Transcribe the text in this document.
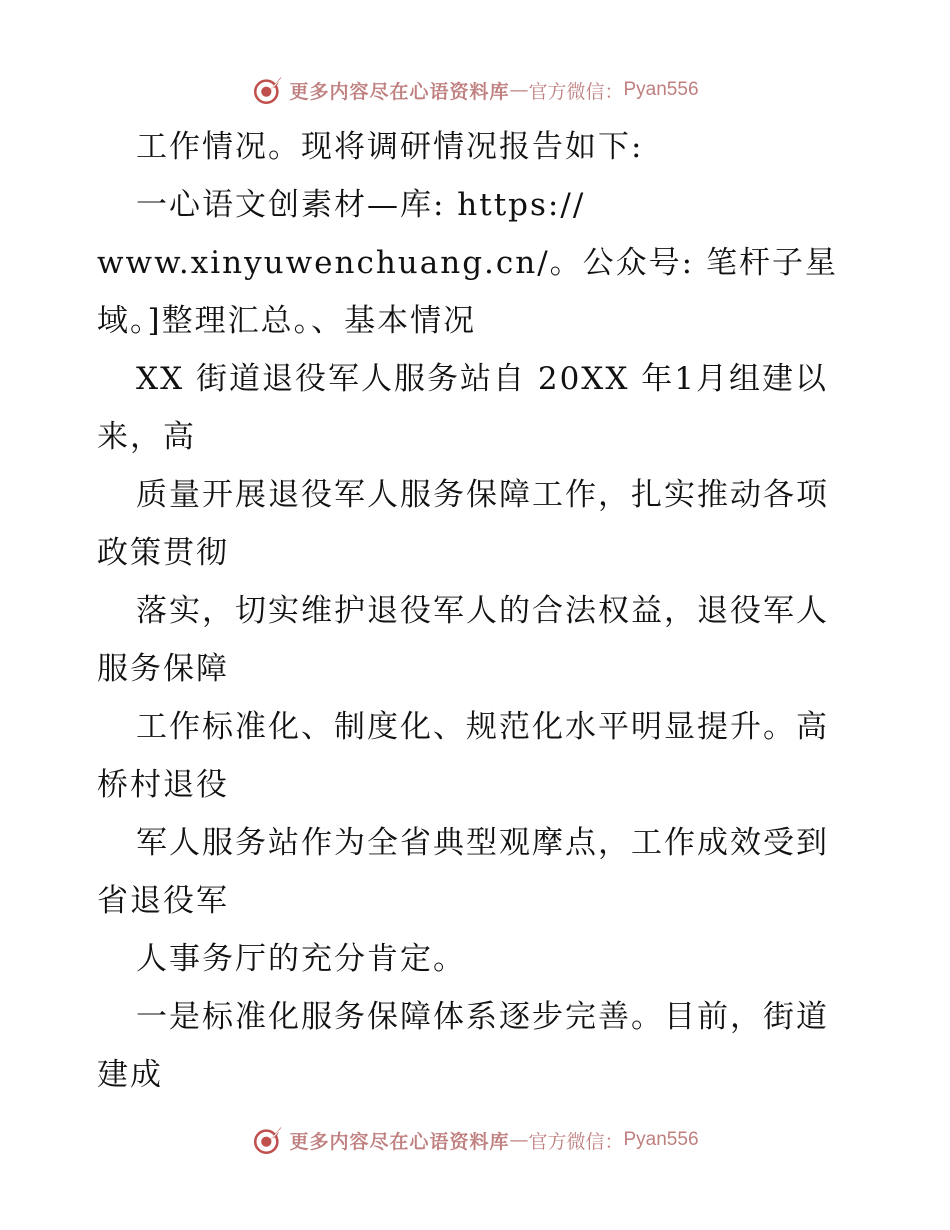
更多内容尽在心语资料库 — 官方微信： Pyan556
工作情况。现将调研情况报告如下:
一心语文创素材—库: https://
www.xinyuwenchuang.cn/。公众号: 笔杆子星
域。]整理汇总。、基本情况
XX 街道退役军人服务站自 20XX 年1月组建以
来，高
质量开展退役军人服务保障工作，扎实推动各项
政策贯彻
落实，切实维护退役军人的合法权益，退役军人
服务保障
工作标准化、制度化、规范化水平明显提升。高
桥村退役
军人服务站作为全省典型观摩点，工作成效受到
省退役军
人事务厅的充分肯定。
一是标准化服务保障体系逐步完善。目前，街道
建成
更多内容尽在心语资料库 — 官方微信： Pyan556
